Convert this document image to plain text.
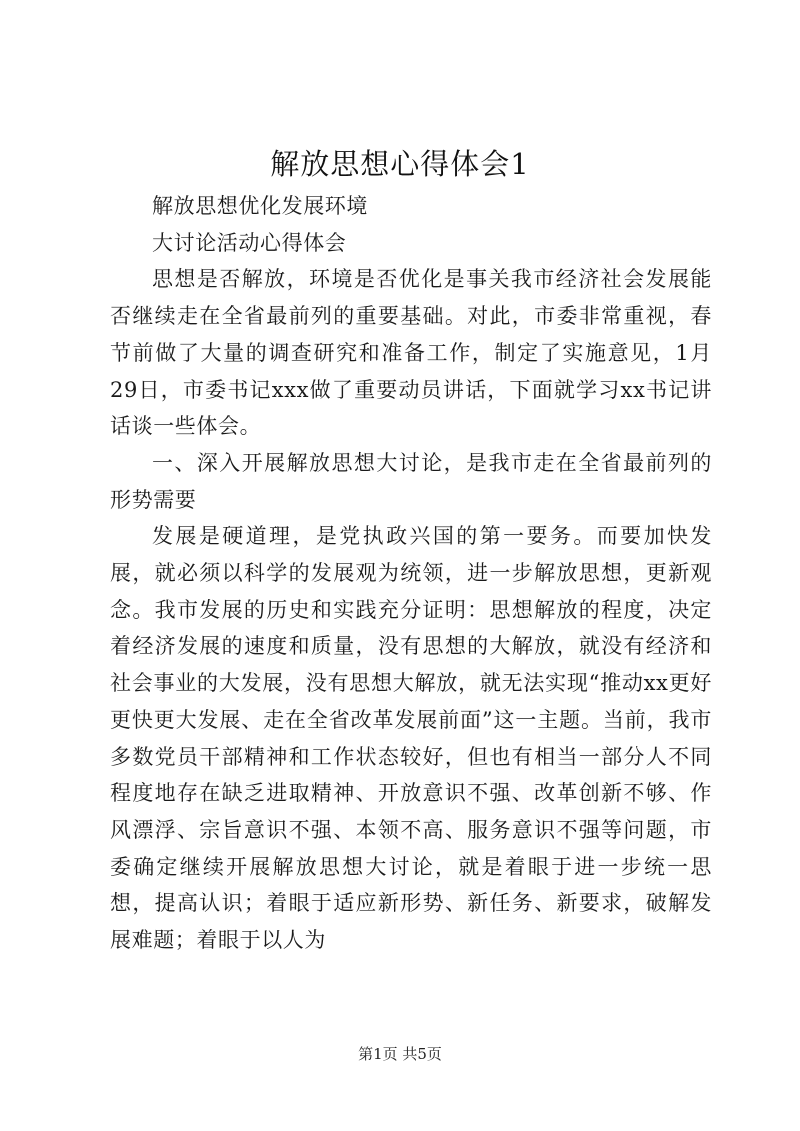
解放思想心得体会1

解放思想优化发展环境

大讨论活动心得体会

思想是否解放，环境是否优化是事关我市经济社会发展能否继续走在全省最前列的重要基础。对此，市委非常重视，春节前做了大量的调查研究和准备工作，制定了实施意见，1月29日，市委书记xxx做了重要动员讲话，下面就学习xx书记讲话谈一些体会。

一、深入开展解放思想大讨论，是我市走在全省最前列的形势需要

发展是硬道理，是党执政兴国的第一要务。而要加快发展，就必须以科学的发展观为统领，进一步解放思想，更新观念。我市发展的历史和实践充分证明：思想解放的程度，决定着经济发展的速度和质量，没有思想的大解放，就没有经济和社会事业的大发展，没有思想大解放，就无法实现“推动xx更好更快更大发展、走在全省改革发展前面”这一主题。当前，我市多数党员干部精神和工作状态较好，但也有相当一部分人不同程度地存在缺乏进取精神、开放意识不强、改革创新不够、作风漂浮、宗旨意识不强、本领不高、服务意识不强等问题，市委确定继续开展解放思想大讨论，就是着眼于进一步统一思想，提高认识；着眼于适应新形势、新任务、新要求，破解发展难题；着眼于以人为

第1页 共5页
